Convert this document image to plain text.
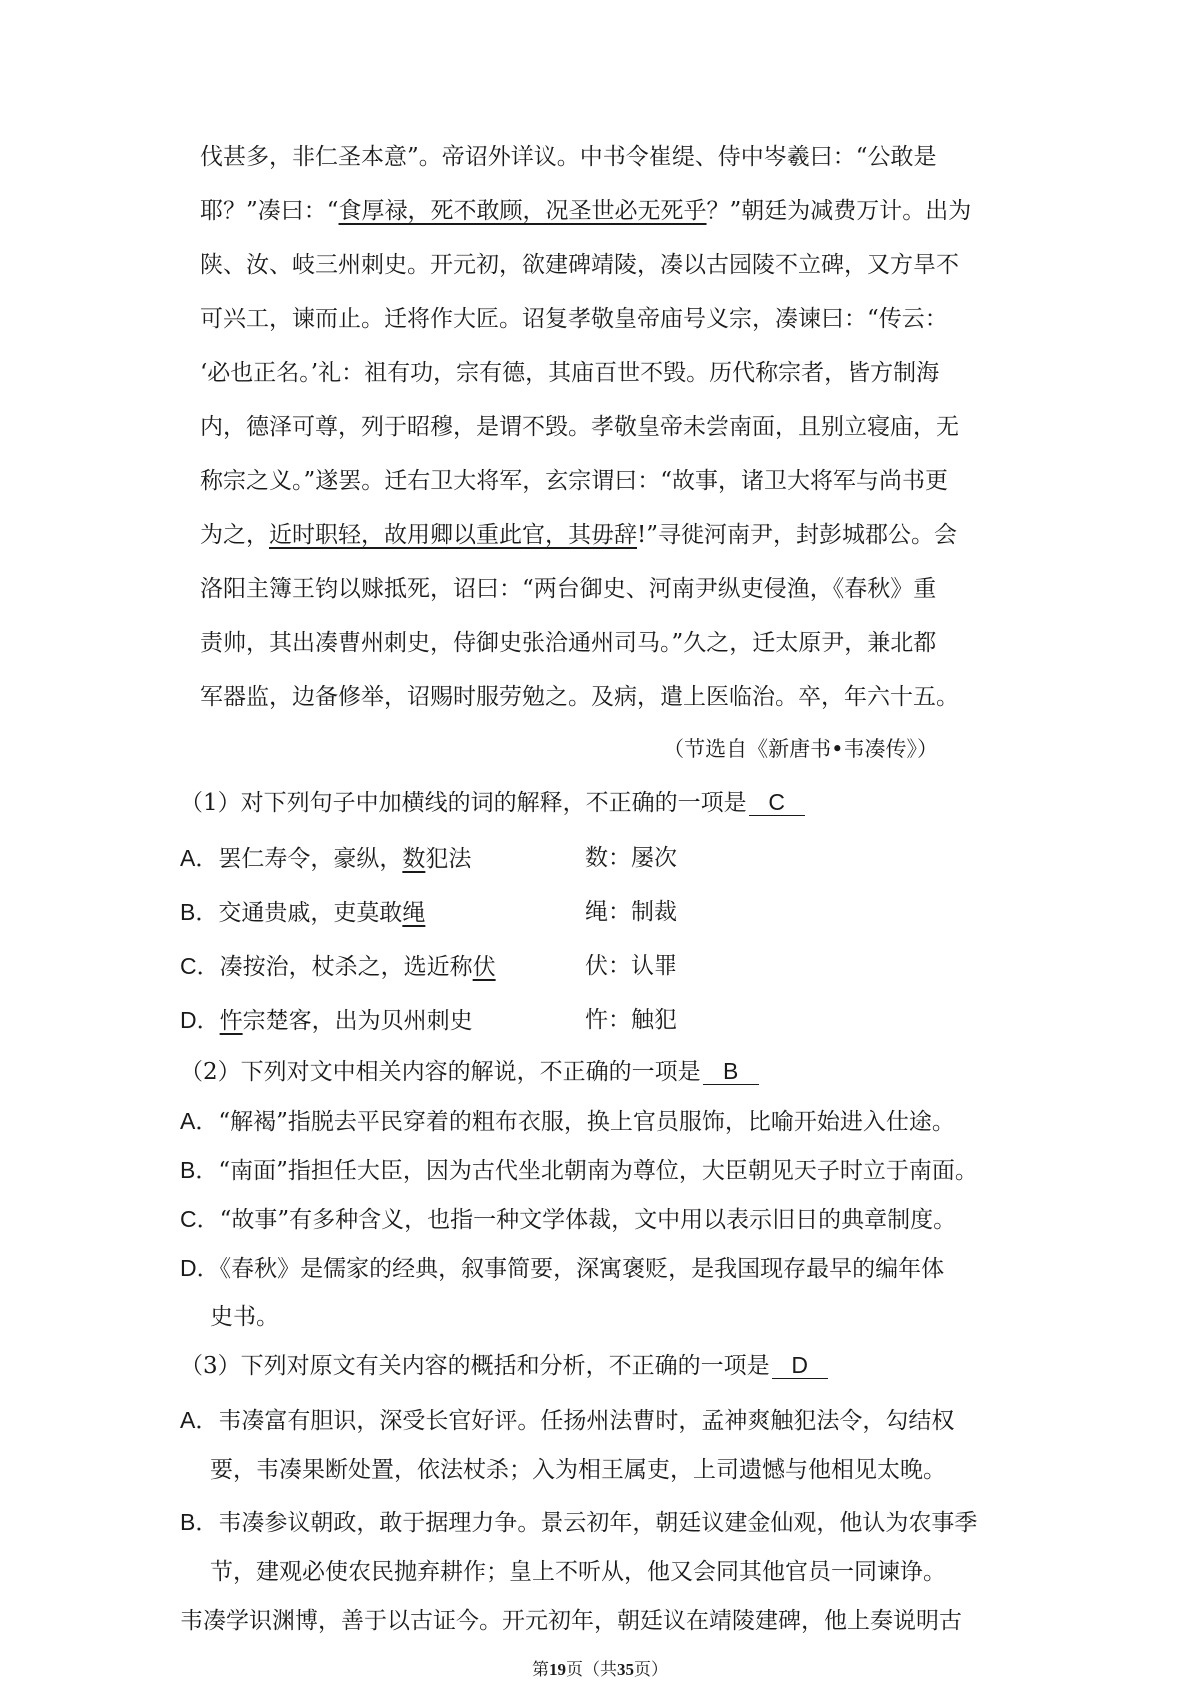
伐甚多，非仁圣本意”。帝诏外详议。中书令崔缇、侍中岑羲曰：“公敢是
耶？”凑曰：“食厚禄，死不敢顾，况圣世必无死乎？”朝廷为减费万计。出为
陕、汝、岐三州刺史。开元初，欲建碑靖陵，凑以古园陵不立碑，又方旱不
可兴工，谏而止。迁将作大匠。诏复孝敬皇帝庙号义宗，凑谏曰：“传云：
‘必也正名。’礼：祖有功，宗有德，其庙百世不毁。历代称宗者，皆方制海
内，德泽可尊，列于昭穆，是谓不毁。孝敬皇帝未尝南面，且别立寝庙，无
称宗之义。”遂罢。迁右卫大将军，玄宗谓曰：“故事，诸卫大将军与尚书更
为之，近时职轻，故用卿以重此官，其毋辞!”寻徙河南尹，封彭城郡公。会
洛阳主簿王钧以赇抵死，诏曰：“两台御史、河南尹纵吏侵渔，《春秋》重
责帅，其出凑曹州刺史，侍御史张洽通州司马。”久之，迁太原尹，兼北都
军器监，边备修举，诏赐时服劳勉之。及病，遣上医临治。卒，年六十五。
（节选自《新唐书•韦凑传》）
（1）对下列句子中加横线的词的解释，不正确的一项是 C
A．罢仁寿令，豪纵，数犯法	数：屡次
B．交通贵戚，吏莫敢绳	绳：制裁
C．凑按治，杖杀之，选近称伏	伏：认罪
D．忤宗楚客，出为贝州刺史	忤：触犯
（2）下列对文中相关内容的解说，不正确的一项是 B
A．“解褐”指脱去平民穿着的粗布衣服，换上官员服饰，比喻开始进入仕途。
B．“南面”指担任大臣，因为古代坐北朝南为尊位，大臣朝见天子时立于南面。
C．“故事”有多种含义，也指一种文学体裁，文中用以表示旧日的典章制度。
D．《春秋》是儒家的经典，叙事简要，深寓褒贬，是我国现存最早的编年体
史书。
（3）下列对原文有关内容的概括和分析，不正确的一项是 D
A．韦凑富有胆识，深受长官好评。任扬州法曹时，孟神爽触犯法令，勾结权
要，韦凑果断处置，依法杖杀；入为相王属吏，上司遗憾与他相见太晚。
B．韦凑参议朝政，敢于据理力争。景云初年，朝廷议建金仙观，他认为农事季
节，建观必使农民抛弃耕作；皇上不听从，他又会同其他官员一同谏诤。
韦凑学识渊博，善于以古证今。开元初年，朝廷议在靖陵建碑，他上奏说明古
第19页（共35页）
